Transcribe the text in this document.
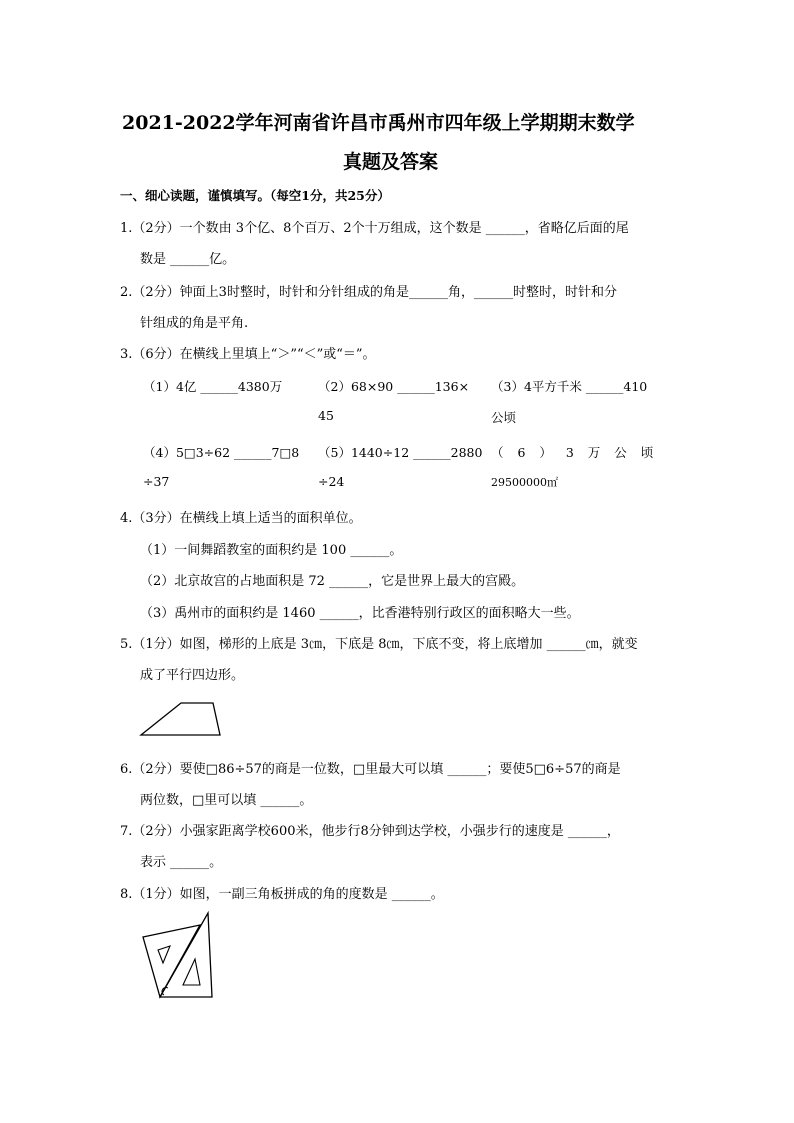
2021-2022学年河南省许昌市禹州市四年级上学期期末数学
真题及答案
一、细心读题，谨慎填写。（每空1分，共25分）
1.（2分）一个数由 3个亿、8个百万、2个十万组成，这个数是 ______，省略亿后面的尾
数是 ______亿。
2.（2分）钟面上3时整时，时针和分针组成的角是______角，______时整时，时针和分
针组成的角是平角.
3.（6分）在横线上里填上“＞”“＜”或“＝”。
（1）4亿 ______4380万	（2）68×90 ______136× （3）4平方千米 ______410
45	公顷
（4）5□3÷62 ______7□8 （5）1440÷12 ______2880 （ 6 ） 3 万 公 顷
÷37	÷24	29500000㎡
4.（3分）在横线上填上适当的面积单位。
（1）一间舞蹈教室的面积约是 100 ______。
（2）北京故宫的占地面积是 72 ______，它是世界上最大的宫殿。
（3）禹州市的面积约是 1460 ______，比香港特别行政区的面积略大一些。
5.（1分）如图，梯形的上底是 3㎝，下底是 8㎝，下底不变，将上底增加 ______㎝，就变
成了平行四边形。
6.（2分）要使□86÷57的商是一位数，□里最大可以填 ______；要使5□6÷57的商是
两位数，□里可以填 ______。
7.（2分）小强家距离学校600米，他步行8分钟到达学校，小强步行的速度是 ______，
表示 ______。
8.（1分）如图，一副三角板拼成的角的度数是 ______。
